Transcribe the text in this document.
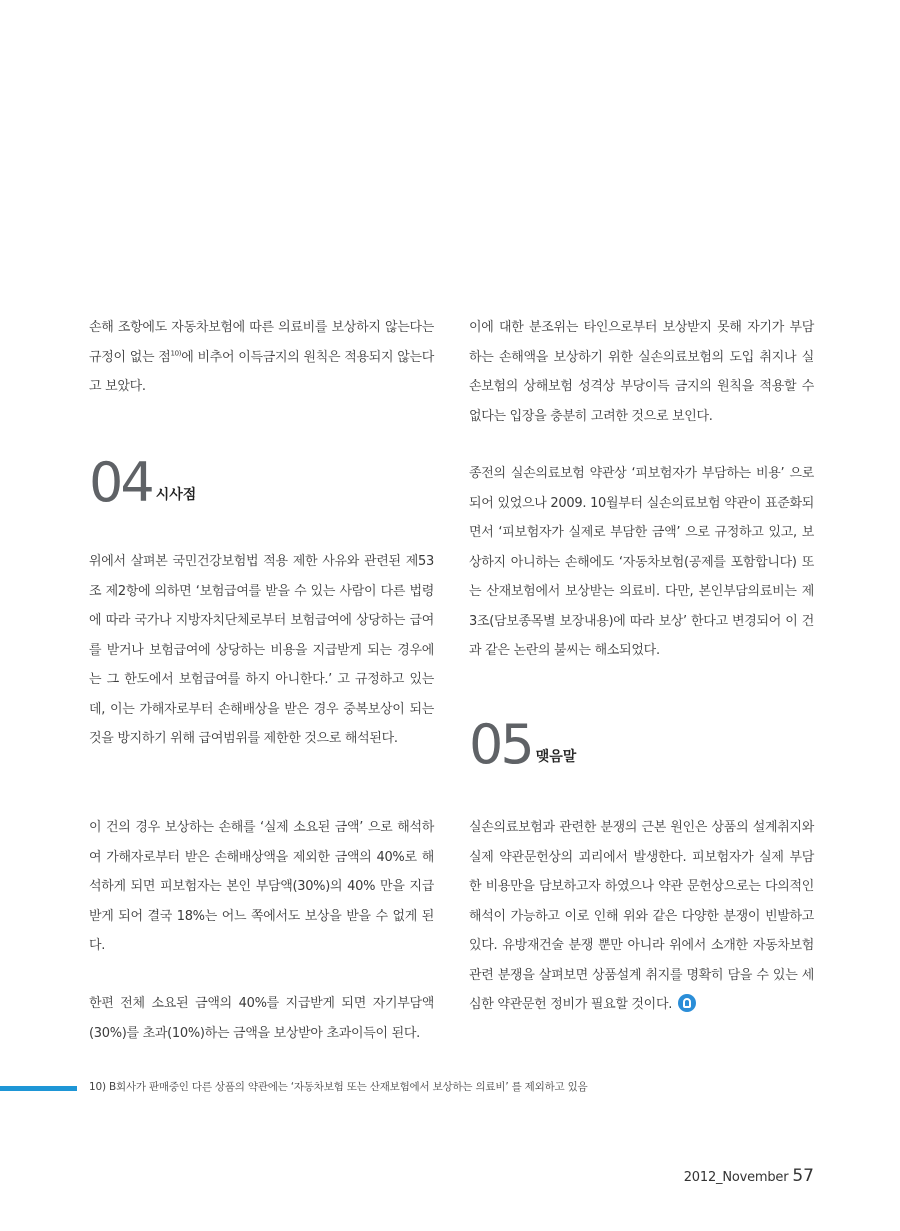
손해 조항에도 자동차보험에 따른 의료비를 보상하지 않는다는 규정이 없는 점$^{10)}$에 비추어 이득금지의 원칙은 적용되지 않는다고 보았다.

04 시사점

위에서 살펴본 국민건강보험법 적용 제한 사유와 관련된 제53조 제2항에 의하면 ‘보험급여를 받을 수 있는 사람이 다른 법령에 따라 국가나 지방자치단체로부터 보험급여에 상당하는 급여를 받거나 보험급여에 상당하는 비용을 지급받게 되는 경우에는 그 한도에서 보험급여를 하지 아니한다.’ 고 규정하고 있는데, 이는 가해자로부터 손해배상을 받은 경우 중복보상이 되는 것을 방지하기 위해 급여범위를 제한한 것으로 해석된다.

이 건의 경우 보상하는 손해를 ‘실제 소요된 금액’ 으로 해석하여 가해자로부터 받은 손해배상액을 제외한 금액의 40%로 해석하게 되면 피보험자는 본인 부담액(30%)의 40% 만을 지급받게 되어 결국 18%는 어느 쪽에서도 보상을 받을 수 없게 된다.

한편 전체 소요된 금액의 40%를 지급받게 되면 자기부담액(30%)를 초과(10%)하는 금액을 보상받아 초과이득이 된다.

이에 대한 분조위는 타인으로부터 보상받지 못해 자기가 부담하는 손해액을 보상하기 위한 실손의료보험의 도입 취지나 실손보험의 상해보험 성격상 부당이득 금지의 원칙을 적용할 수 없다는 입장을 충분히 고려한 것으로 보인다.

종전의 실손의료보험 약관상 ‘피보험자가 부담하는 비용’ 으로 되어 있었으나 2009. 10월부터 실손의료보험 약관이 표준화되면서 ‘피보험자가 실제로 부담한 금액’ 으로 규정하고 있고, 보상하지 아니하는 손해에도 ‘자동차보험(공제를 포함합니다) 또는 산재보험에서 보상받는 의료비. 다만, 본인부담의료비는 제3조(담보종목별 보장내용)에 따라 보상’ 한다고 변경되어 이 건과 같은 논란의 불씨는 해소되었다.

05 맺음말

실손의료보험과 관련한 분쟁의 근본 원인은 상품의 설계취지와 실제 약관문헌상의 괴리에서 발생한다. 피보험자가 실제 부담한 비용만을 담보하고자 하였으나 약관 문헌상으로는 다의적인 해석이 가능하고 이로 인해 위와 같은 다양한 분쟁이 빈발하고 있다. 유방재건술 분쟁 뿐만 아니라 위에서 소개한 자동차보험 관련 분쟁을 살펴보면 상품설계 취지를 명확히 담을 수 있는 세심한 약관문헌 정비가 필요할 것이다.

10) B회사가 판매중인 다른 상품의 약관에는 ‘자동차보험 또는 산재보험에서 보상하는 의료비’ 를 제외하고 있음
2012_November 57
